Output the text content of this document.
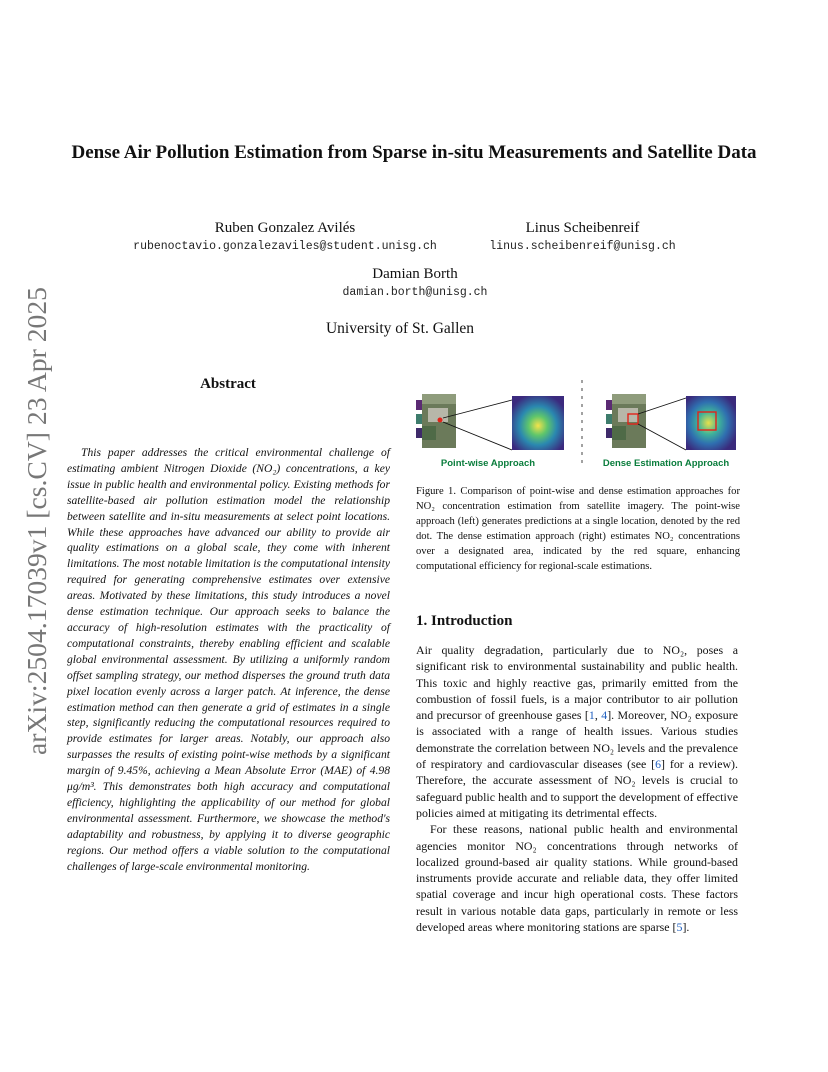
arXiv:2504.17039v1 [cs.CV] 23 Apr 2025
Dense Air Pollution Estimation from Sparse in-situ Measurements and Satellite Data
Ruben Gonzalez Avilés
rubenoctavio.gonzalezaviles@student.unisg.ch
Linus Scheibenreif
linus.scheibenreif@unisg.ch
Damian Borth
damian.borth@unisg.ch
University of St. Gallen
Abstract
This paper addresses the critical environmental challenge of estimating ambient Nitrogen Dioxide (NO₂) concentrations, a key issue in public health and environmental policy. Existing methods for satellite-based air pollution estimation model the relationship between satellite and in-situ measurements at select point locations. While these approaches have advanced our ability to provide air quality estimations on a global scale, they come with inherent limitations. The most notable limitation is the computational intensity required for generating comprehensive estimates over extensive areas. Motivated by these limitations, this study introduces a novel dense estimation technique. Our approach seeks to balance the accuracy of high-resolution estimates with the practicality of computational constraints, thereby enabling efficient and scalable global environmental assessment. By utilizing a uniformly random offset sampling strategy, our method disperses the ground truth data pixel location evenly across a larger patch. At inference, the dense estimation method can then generate a grid of estimates in a single step, significantly reducing the computational resources required to provide estimates for larger areas. Notably, our approach also surpasses the results of existing point-wise methods by a significant margin of 9.45%, achieving a Mean Absolute Error (MAE) of 4.98 μg/m³. This demonstrates both high accuracy and computational efficiency, highlighting the applicability of our method for global environmental assessment. Furthermore, we showcase the method's adaptability and robustness, by applying it to diverse geographic regions. Our method offers a viable solution to the computational challenges of large-scale environmental monitoring.
Point-wise Approach	Dense Estimation Approach
Figure 1. Comparison of point-wise and dense estimation approaches for NO₂ concentration estimation from satellite imagery. The point-wise approach (left) generates predictions at a single location, denoted by the red dot. The dense estimation approach (right) estimates NO₂ concentrations over a designated area, indicated by the red square, enhancing computational efficiency for regional-scale estimations.
1. Introduction

Air quality degradation, particularly due to NO₂, poses a significant risk to environmental sustainability and public health. This toxic and highly reactive gas, primarily emitted from the combustion of fossil fuels, is a major contributor to air pollution and precursor of greenhouse gases [1, 4]. Moreover, NO₂ exposure is associated with a range of health issues. Various studies demonstrate the correlation between NO₂ levels and the prevalence of respiratory and cardiovascular diseases (see [6] for a review). Therefore, the accurate assessment of NO₂ levels is crucial to safeguard public health and to support the development of effective policies aimed at mitigating its detrimental effects.

For these reasons, national public health and environmental agencies monitor NO₂ concentrations through networks of localized ground-based air quality stations. While ground-based instruments provide accurate and reliable data, they offer limited spatial coverage and incur high operational costs. These factors result in various notable data gaps, particularly in remote or less developed areas where monitoring stations are sparse [5].
